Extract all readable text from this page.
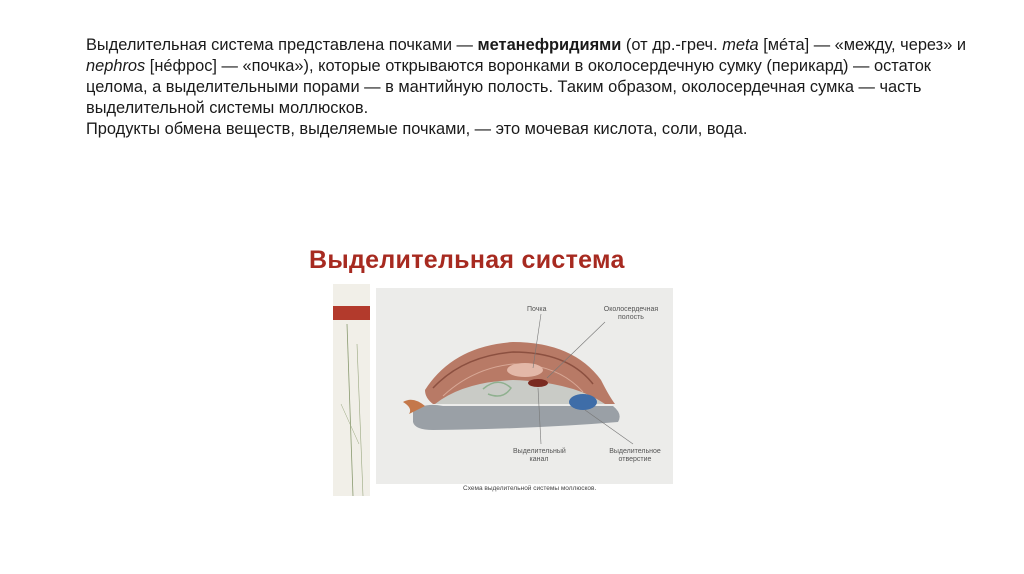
Выделительная система представлена почками — метанефридиями (от др.-греч. meta [мéта] — «между, через» и nephros [нéфрос] — «почка»), которые открываются воронками в околосердечную сумку (перикард) — остаток целома, а выделительными порами — в мантийную полость. Таким образом, околосердечная сумка — часть выделительной системы моллюсков.

Продукты обмена веществ, выделяемые почками, — это мочевая кислота, соли, вода.

Выделительная система
Почка	Околосердечная полость
Выделительный канал
Выделительное отверстие
Схема выделительной системы моллюсков.
